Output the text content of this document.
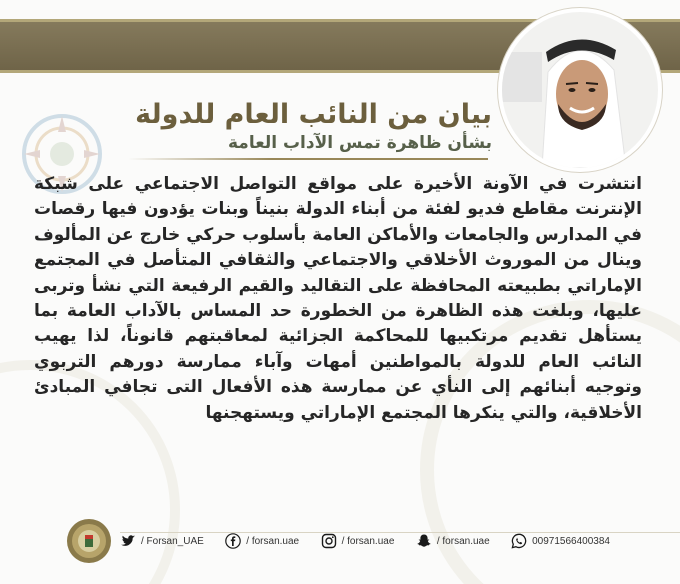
بيان من النائب العام للدولة
بشأن ظاهرة تمس الآداب العامة

انتشرت في الآونة الأخيرة على مواقع التواصل الاجتماعي على شبكة الإنترنت مقاطع فديو لفئة من أبناء الدولة بنيناً وبنات يؤدون فيها رقصات في المدارس والجامعات والأماكن العامة بأسلوب حركي خارج عن المألوف وينال من الموروث الأخلاقي والاجتماعي والثقافي المتأصل في المجتمع الإماراتي بطبيعته المحافظة على التقاليد والقيم الرفيعة التي نشأ وتربى عليها، وبلغت هذه الظاهرة من الخطورة حد المساس بالآداب العامة بما يستأهل تقديم مرتكبيها للمحاكمة الجزائية لمعاقبتهم قانوناً، لذا يهيب النائب العام للدولة بالمواطنين أمهات وآباء ممارسة دورهم التربوي وتوجيه أبنائهم إلى النأي عن ممارسة هذه الأفعال التى تجافي المبادئ الأخلاقية، والتي ينكرها المجتمع الإماراتي ويستهجنها

/ Forsan_UAE	/ forsan.uae	/ forsan.uae	/ forsan.uae	00971566400384
